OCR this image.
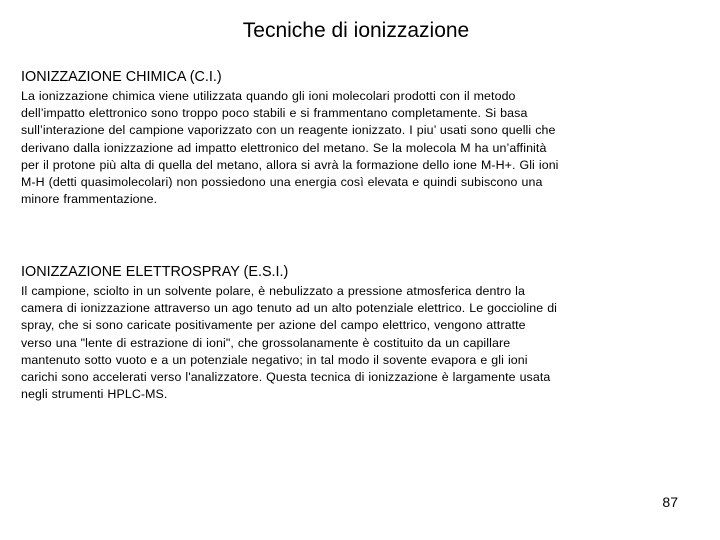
Tecniche di ionizzazione
IONIZZAZIONE CHIMICA (C.I.)
La ionizzazione chimica viene utilizzata quando gli ioni molecolari prodotti con il metodo
dell’impatto elettronico sono troppo poco stabili e si frammentano completamente. Si basa
sull’interazione del campione vaporizzato con un reagente ionizzato. I piu’ usati sono quelli che
derivano dalla ionizzazione ad impatto elettronico del metano. Se la molecola M ha un’affinità
per il protone più alta di quella del metano, allora si avrà la formazione dello ione M-H+. Gli ioni
M-H (detti quasimolecolari) non possiedono una energia così elevata e quindi subiscono una
minore frammentazione.
IONIZZAZIONE ELETTROSPRAY (E.S.I.)
Il campione, sciolto in un solvente polare, è nebulizzato a pressione atmosferica dentro la
camera di ionizzazione attraverso un ago tenuto ad un alto potenziale elettrico. Le goccioline di
spray, che si sono caricate positivamente per azione del campo elettrico, vengono attratte
verso una "lente di estrazione di ioni", che grossolanamente è costituito da un capillare
mantenuto sotto vuoto e a un potenziale negativo; in tal modo il sovente evapora e gli ioni
carichi sono accelerati verso l'analizzatore. Questa tecnica di ionizzazione è largamente usata
negli strumenti HPLC-MS.
87
